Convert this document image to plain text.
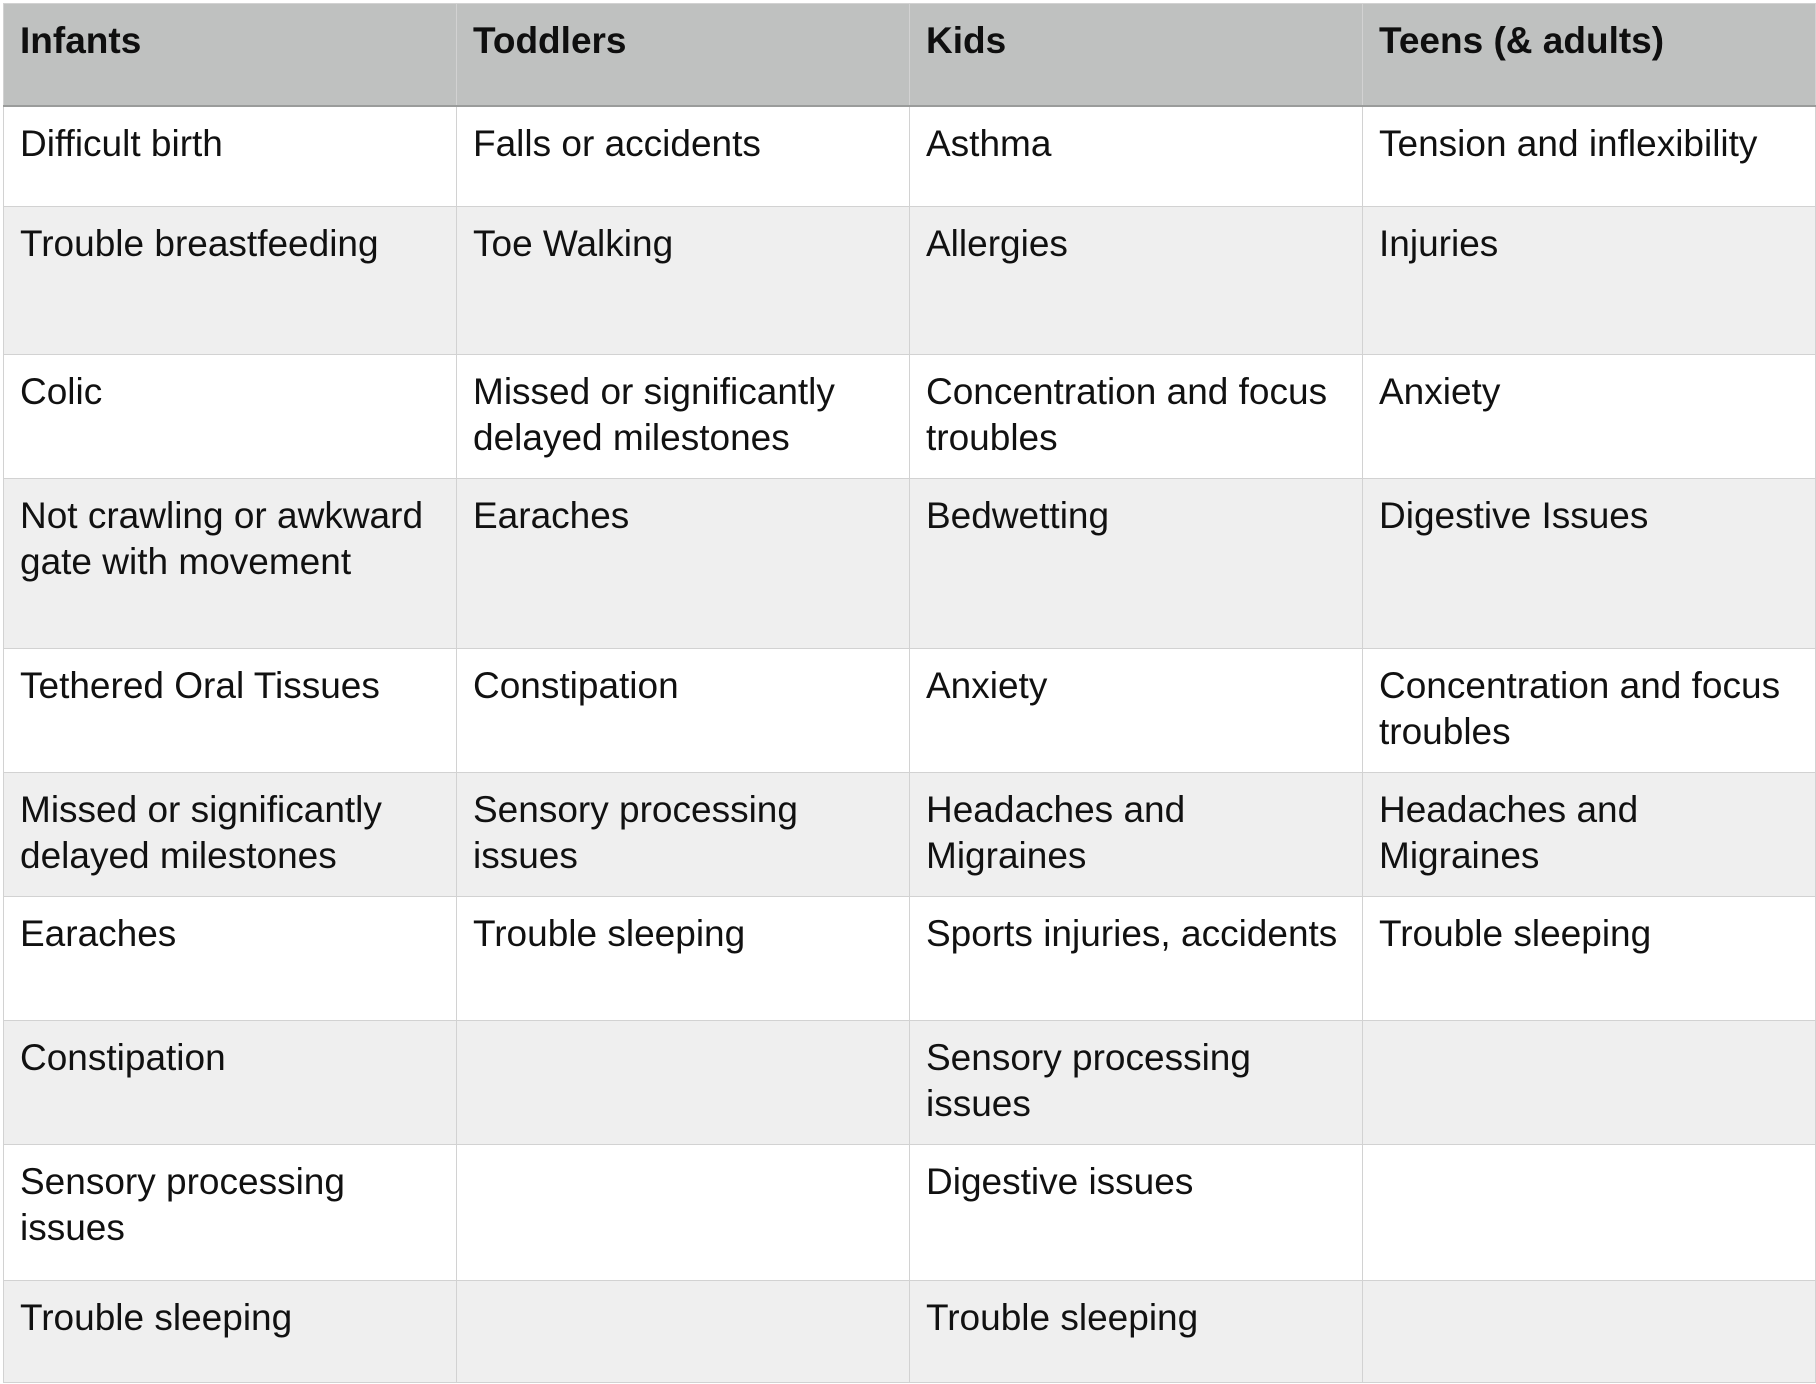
Infants	Toddlers	Kids	Teens (& adults)
Difficult birth	Falls or accidents	Asthma	Tension and inflexibility
Trouble breastfeeding	Toe Walking	Allergies	Injuries
Colic	Missed or significantly delayed milestones	Concentration and focus troubles	Anxiety
Not crawling or awkward gate with movement	Earaches	Bedwetting	Digestive Issues
Tethered Oral Tissues	Constipation	Anxiety	Concentration and focus troubles
Missed or significantly delayed milestones	Sensory processing issues	Headaches and Migraines	Headaches and Migraines
Earaches	Trouble sleeping	Sports injuries, accidents	Trouble sleeping
Constipation		Sensory processing issues	
Sensory processing issues		Digestive issues	
Trouble sleeping		Trouble sleeping	
